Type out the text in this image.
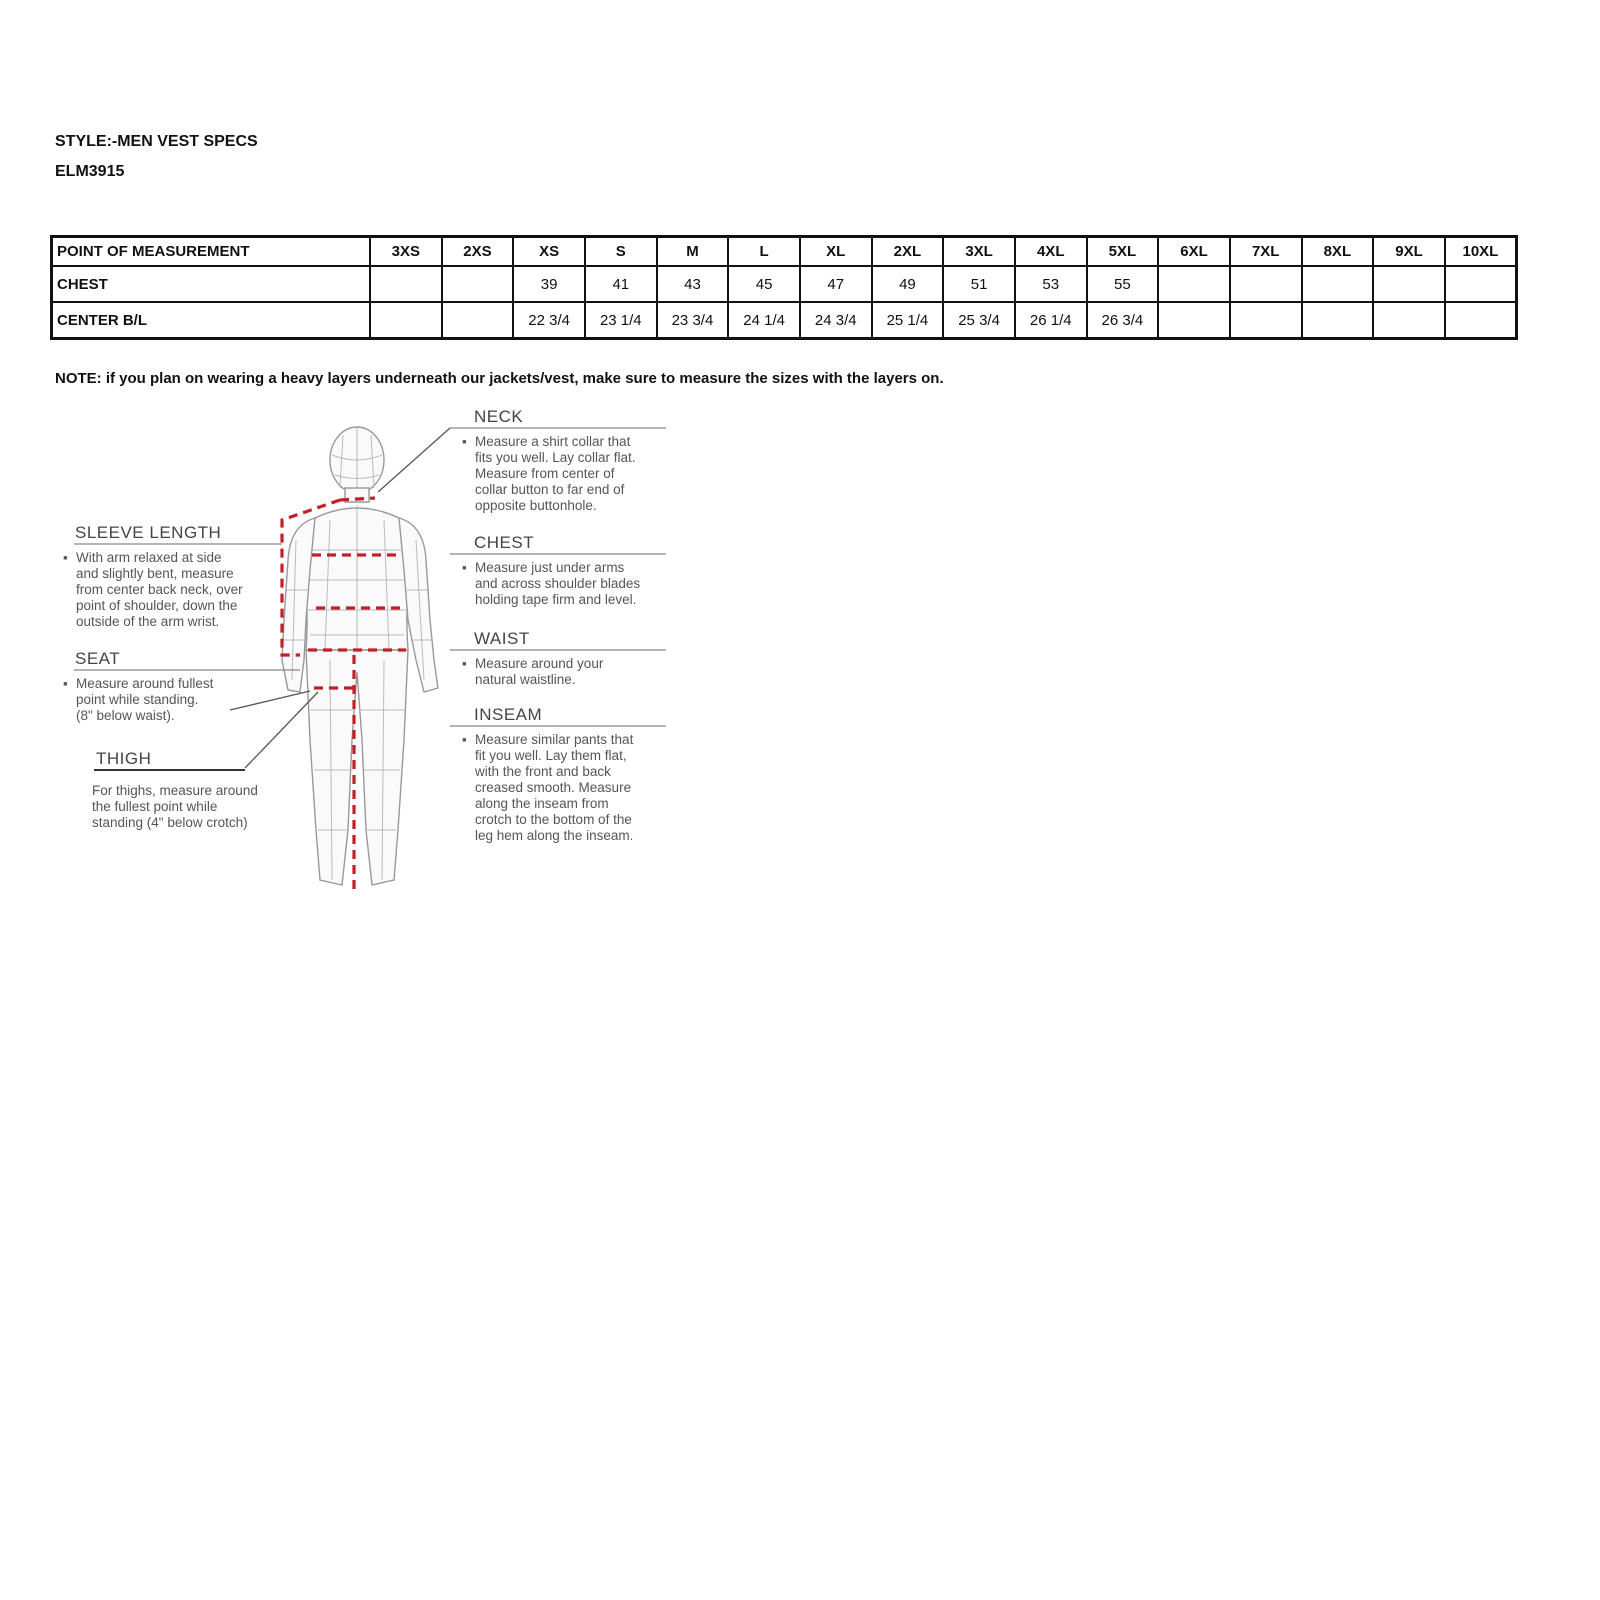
STYLE:-MEN VEST SPECS
ELM3915
POINT OF MEASUREMENT	3XS	2XS	XS	S	M	L	XL	2XL	3XL	4XL	5XL	6XL	7XL	8XL	9XL	10XL
CHEST			39	41	43	45	47	49	51	53	55					
CENTER B/L			22 3/4	23 1/4	23 3/4	24 1/4	24 3/4	25 1/4	25 3/4	26 1/4	26 3/4					
NOTE: if you plan on wearing a heavy layers underneath our jackets/vest, make sure to measure the sizes with the layers on.
NECK
▪ Measure a shirt collar that
fits you well. Lay collar flat.
Measure from center of
collar button to far end of
opposite buttonhole.
CHEST
▪ Measure just under arms
and across shoulder blades
holding tape firm and level.
WAIST
▪ Measure around your
natural waistline.
INSEAM
▪ Measure similar pants that
fit you well. Lay them flat,
with the front and back
creased smooth. Measure
along the inseam from
crotch to the bottom of the
leg hem along the inseam.
SLEEVE LENGTH
▪ With arm relaxed at side
and slightly bent, measure
from center back neck, over
point of shoulder, down the
outside of the arm wrist.
SEAT
▪ Measure around fullest
point while standing.
(8" below waist).
THIGH
For thighs, measure around
the fullest point while
standing (4" below crotch)
